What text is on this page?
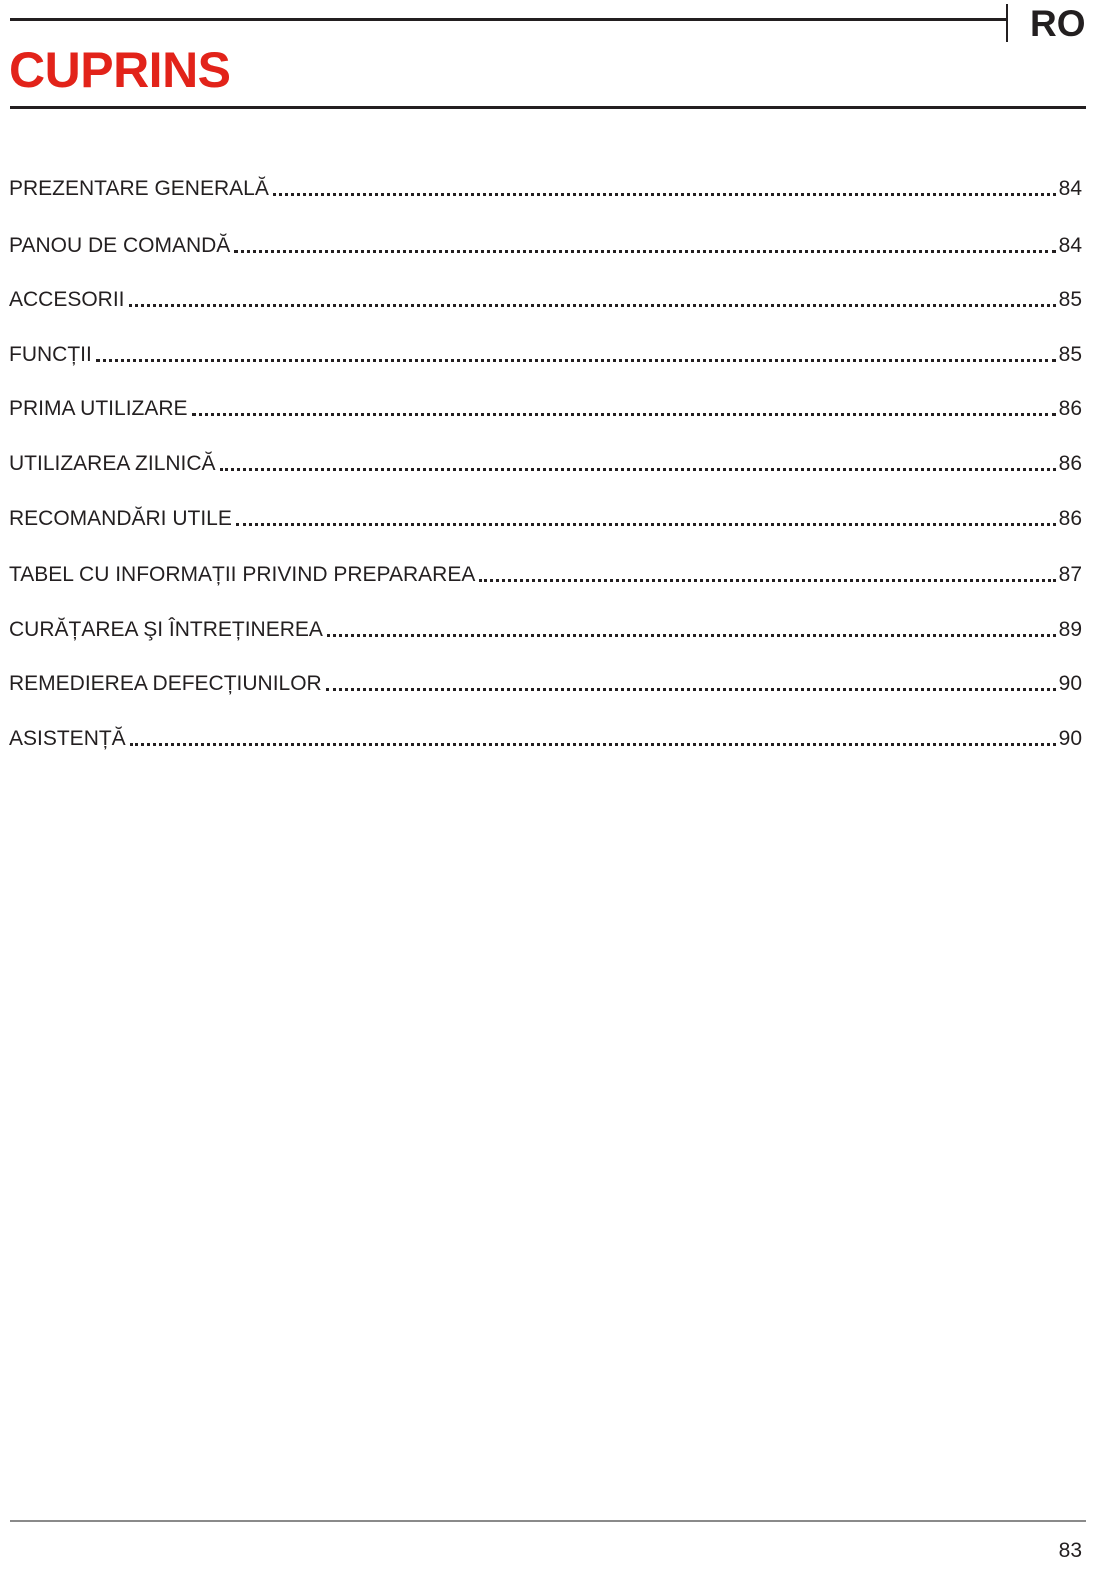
RO
CUPRINS
PREZENTARE GENERALĂ	84
PANOU DE COMANDĂ	84
ACCESORII	85
FUNCȚII	85
PRIMA UTILIZARE	86
UTILIZAREA ZILNICĂ	86
RECOMANDĂRI UTILE	86
TABEL CU INFORMAȚII PRIVIND PREPARAREA	87
CURĂȚAREA ŞI ÎNTREȚINEREA	89
REMEDIEREA DEFECȚIUNILOR	90
ASISTENȚĂ	90
83
